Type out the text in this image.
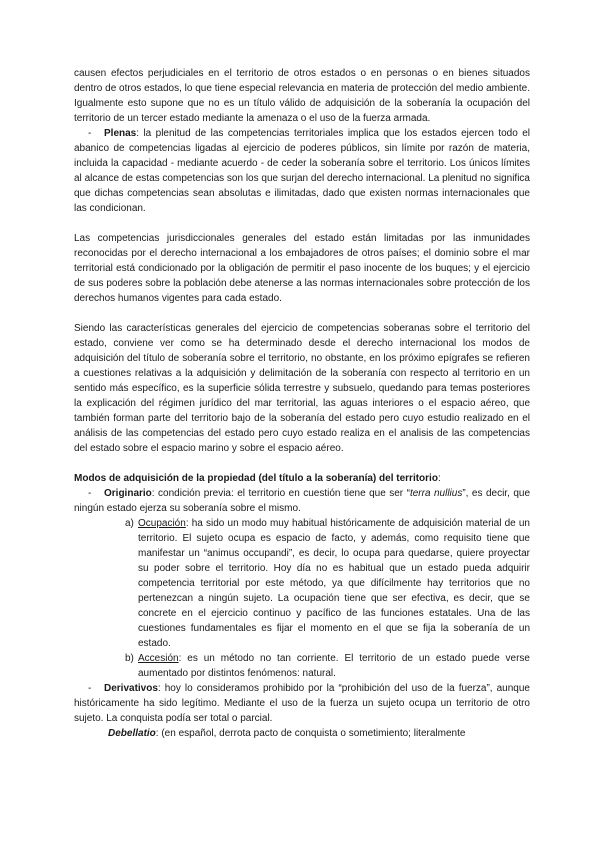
causen efectos perjudiciales en el territorio de otros estados o en personas o en bienes situados dentro de otros estados, lo que tiene especial relevancia en materia de protección del medio ambiente. Igualmente esto supone que no es un título válido de adquisición de la soberanía la ocupación del territorio de un tercer estado mediante la amenaza o el uso de la fuerza armada.

- Plenas: la plenitud de las competencias territoriales implica que los estados ejercen todo el abanico de competencias ligadas al ejercicio de poderes públicos, sin límite por razón de materia, incluida la capacidad - mediante acuerdo - de ceder la soberanía sobre el territorio. Los únicos límites al alcance de estas competencias son los que surjan del derecho internacional. La plenitud no significa que dichas competencias sean absolutas e ilimitadas, dado que existen normas internacionales que las condicionan.

Las competencias jurisdiccionales generales del estado están limitadas por las inmunidades reconocidas por el derecho internacional a los embajadores de otros países; el dominio sobre el mar territorial está condicionado por la obligación de permitir el paso inocente de los buques; y el ejercicio de sus poderes sobre la población debe atenerse a las normas internacionales sobre protección de los derechos humanos vigentes para cada estado.

Siendo las características generales del ejercicio de competencias soberanas sobre el territorio del estado, conviene ver como se ha determinado desde el derecho internacional los modos de adquisición del título de soberanía sobre el territorio, no obstante, en los próximo epígrafes se refieren a cuestiones relativas a la adquisición y delimitación de la soberanía con respecto al territorio en un sentido más específico, es la superficie sólida terrestre y subsuelo, quedando para temas posteriores la explicación del régimen jurídico del mar territorial, las aguas interiores o el espacio aéreo, que también forman parte del territorio bajo de la soberanía del estado pero cuyo estudio realizado en el análisis de las competencias del estado pero cuyo estado realiza en el analisis de las competencias del estado sobre el espacio marino y sobre el espacio aéreo.

Modos de adquisición de la propiedad (del título a la soberanía) del territorio:

- Originario: condición previa: el territorio en cuestión tiene que ser “terra nullius”, es decir, que ningún estado ejerza su soberanía sobre el mismo.

a) Ocupación: ha sido un modo muy habitual históricamente de adquisición material de un territorio. El sujeto ocupa es espacio de facto, y además, como requisito tiene que manifestar un “animus occupandi”, es decir, lo ocupa para quedarse, quiere proyectar su poder sobre el territorio. Hoy día no es habitual que un estado pueda adquirir competencia territorial por este método, ya que difícilmente hay territorios que no pertenezcan a ningún sujeto. La ocupación tiene que ser efectiva, es decir, que se concrete en el ejercicio continuo y pacífico de las funciones estatales. Una de las cuestiones fundamentales es fijar el momento en el que se fija la soberanía de un estado.

b) Accesión: es un método no tan corriente. El territorio de un estado puede verse aumentado por distintos fenómenos: natural.

- Derivativos: hoy lo consideramos prohibido por la “prohibición del uso de la fuerza”, aunque históricamente ha sido legítimo. Mediante el uso de la fuerza un sujeto ocupa un territorio de otro sujeto. La conquista podía ser total o parcial.

Debellatio: (en español, derrota pacto de conquista o sometimiento; literalmente
